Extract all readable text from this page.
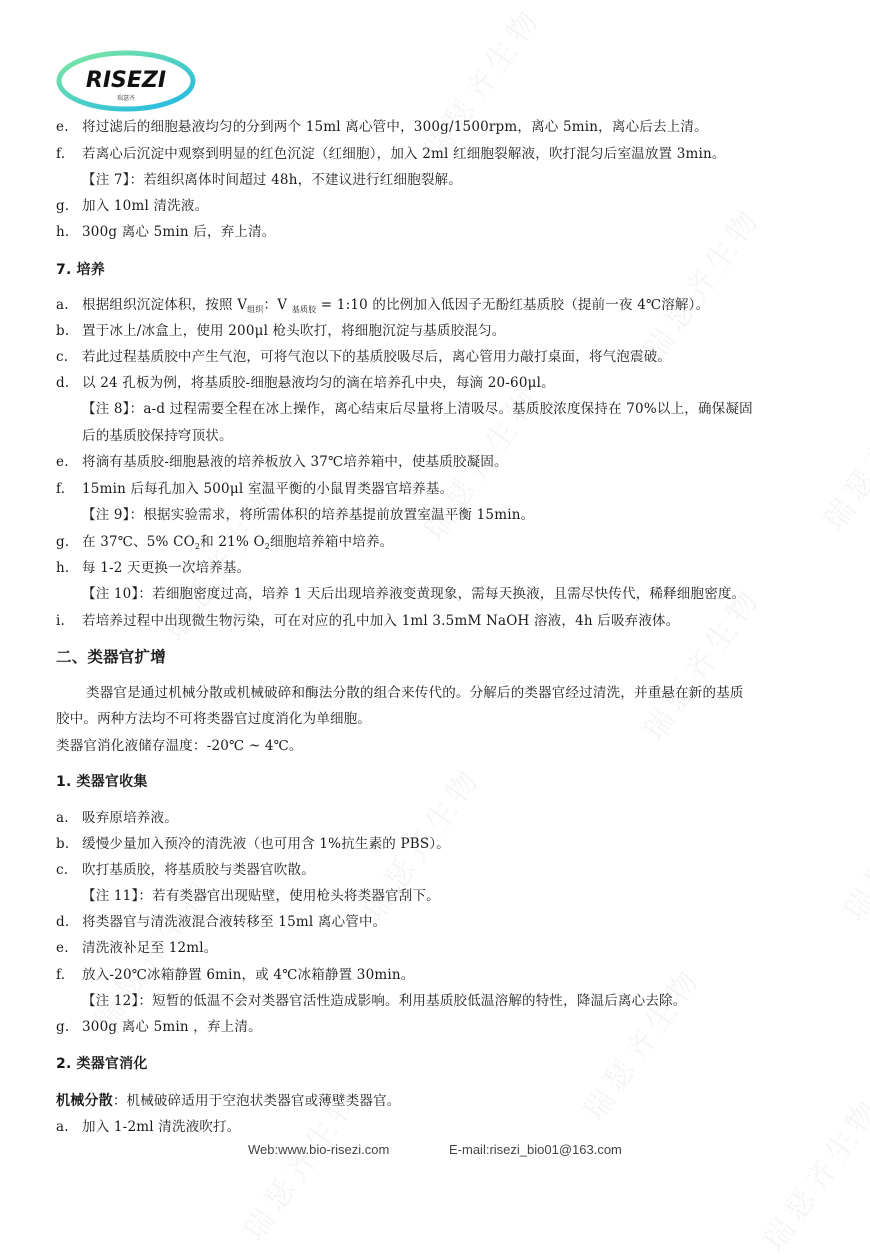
RISEZI
瑞瑟齐
e. 将过滤后的细胞悬液均匀的分到两个 15ml 离心管中，300g/1500rpm，离心 5min，离心后去上清。
f. 若离心后沉淀中观察到明显的红色沉淀（红细胞），加入 2ml 红细胞裂解液，吹打混匀后室温放置 3min。
【注 7】：若组织离体时间超过 48h，不建议进行红细胞裂解。
g. 加入 10ml 清洗液。
h. 300g 离心 5min 后，弃上清。
7. 培养
a. 根据组织沉淀体积，按照 $V_{组织}$：V $_{基质胶}$ = 1:10 的比例加入低因子无酚红基质胶（提前一夜 4℃溶解）。
b. 置于冰上/冰盒上，使用 200μl 枪头吹打，将细胞沉淀与基质胶混匀。
c. 若此过程基质胶中产生气泡，可将气泡以下的基质胶吸尽后，离心管用力敲打桌面，将气泡震破。
d. 以 24 孔板为例，将基质胶-细胞悬液均匀的滴在培养孔中央，每滴 20-60μl。
【注 8】：a-d 过程需要全程在冰上操作，离心结束后尽量将上清吸尽。基质胶浓度保持在 70%以上，确保凝固
后的基质胶保持穹顶状。
e. 将滴有基质胶-细胞悬液的培养板放入 37℃培养箱中，使基质胶凝固。
f. 15min 后每孔加入 500μl 室温平衡的小鼠胃类器官培养基。
【注 9】：根据实验需求，将所需体积的培养基提前放置室温平衡 15min。
g. 在 37℃、5% $CO_2$和 21% $O_2$细胞培养箱中培养。
h. 每 1-2 天更换一次培养基。
【注 10】：若细胞密度过高，培养 1 天后出现培养液变黄现象，需每天换液，且需尽快传代，稀释细胞密度。
i. 若培养过程中出现微生物污染，可在对应的孔中加入 1ml 3.5mM NaOH 溶液，4h 后吸弃液体。
二、类器官扩增
类器官是通过机械分散或机械破碎和酶法分散的组合来传代的。分解后的类器官经过清洗，并重悬在新的基质
胶中。两种方法均不可将类器官过度消化为单细胞。
类器官消化液储存温度：-20℃ ~ 4℃。
1. 类器官收集
a. 吸弃原培养液。
b. 缓慢少量加入预冷的清洗液（也可用含 1%抗生素的 PBS）。
c. 吹打基质胶，将基质胶与类器官吹散。
【注 11】：若有类器官出现贴壁，使用枪头将类器官刮下。
d. 将类器官与清洗液混合液转移至 15ml 离心管中。
e. 清洗液补足至 12ml。
f. 放入-20℃冰箱静置 6min，或 4℃冰箱静置 30min。
【注 12】：短暂的低温不会对类器官活性造成影响。利用基质胶低温溶解的特性，降温后离心去除。
g. 300g 离心 5min ，弃上清。
2. 类器官消化
机械分散：机械破碎适用于空泡状类器官或薄壁类器官。
a. 加入 1-2ml 清洗液吹打。
Web:www.bio-risezi.com	E-mail:risezi_bio01@163.com
